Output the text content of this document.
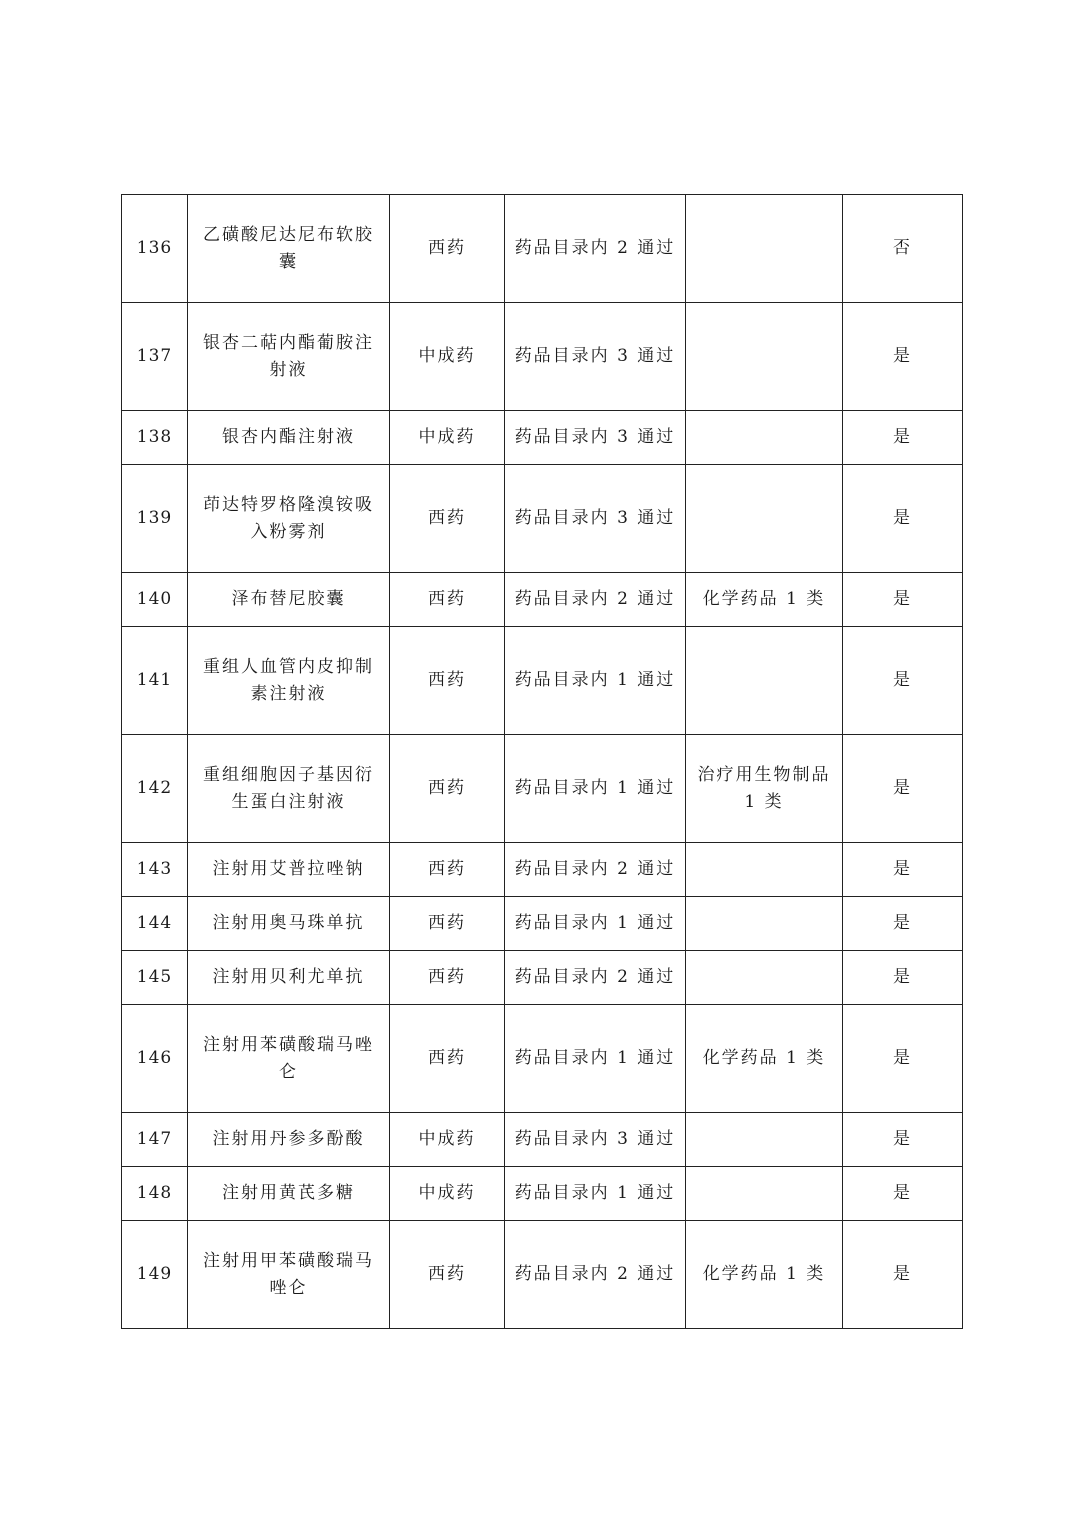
136	乙磺酸尼达尼布软胶囊	西药	药品目录内 2 通过		否
137	银杏二萜内酯葡胺注射液	中成药	药品目录内 3 通过		是
138	银杏内酯注射液	中成药	药品目录内 3 通过		是
139	茚达特罗格隆溴铵吸入粉雾剂	西药	药品目录内 3 通过		是
140	泽布替尼胶囊	西药	药品目录内 2 通过	化学药品 1 类	是
141	重组人血管内皮抑制素注射液	西药	药品目录内 1 通过		是
142	重组细胞因子基因衍生蛋白注射液	西药	药品目录内 1 通过	治疗用生物制品 1 类	是
143	注射用艾普拉唑钠	西药	药品目录内 2 通过		是
144	注射用奥马珠单抗	西药	药品目录内 1 通过		是
145	注射用贝利尤单抗	西药	药品目录内 2 通过		是
146	注射用苯磺酸瑞马唑仑	西药	药品目录内 1 通过	化学药品 1 类	是
147	注射用丹参多酚酸	中成药	药品目录内 3 通过		是
148	注射用黄芪多糖	中成药	药品目录内 1 通过		是
149	注射用甲苯磺酸瑞马唑仑	西药	药品目录内 2 通过	化学药品 1 类	是
